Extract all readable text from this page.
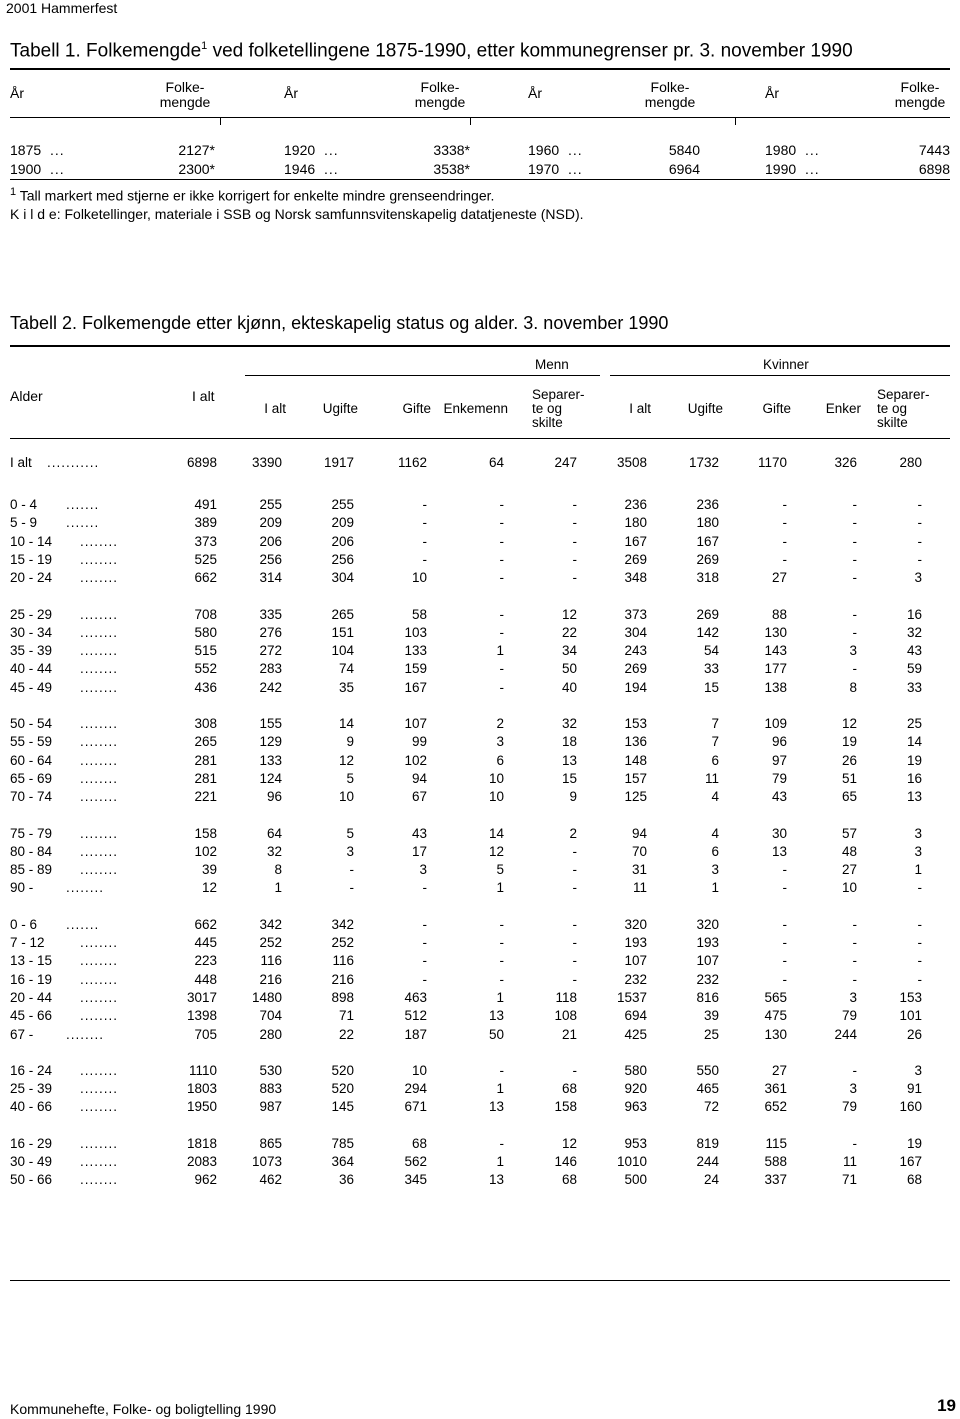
2001 Hammerfest
Tabell 1. Folkemengde$^1$ ved folketellingene 1875-1990, etter kommunegrenser pr. 3. november 1990
År	Folke-
mengde
År	Folke-
mengde
År	Folke-
mengde
År	Folke-
mengde
1875 ...	2127*	1920 ...	3338*	1960 ...	5840	1980 ...	7443
1900 ...	2300*	1946 ...	3538*	1970 ...	6964	1990 ...	6898
$^1$ Tall markert med stjerne er ikke korrigert for enkelte mindre grenseendringer.
K i l d e: Folketellinger, materiale i SSB og Norsk samfunnsvitenskapelig datatjeneste (NSD).
Tabell 2. Folkemengde etter kjønn, ekteskapelig status og alder. 3. november 1990
Menn	Kvinner
Alder	I alt
I alt	Ugifte	Gifte Enkemenn
Separer-
te og
skilte
I alt	Ugifte	Gifte	Enker
Separer-
te og
skilte
I alt ...........	6898	3390	1917	1162	64	247	3508	1732	1170	326	280
0 - 4 .......	491	255	255	-	-	-	236	236	-	-	-
5 - 9 .......	389	209	209	-	-	-	180	180	-	-	-
10 - 14 ........	373	206	206	-	-	-	167	167	-	-	-
15 - 19 ........	525	256	256	-	-	-	269	269	-	-	-
20 - 24 ........	662	314	304	10	-	-	348	318	27	-	3
25 - 29 ........	708	335	265	58	-	12	373	269	88	-	16
30 - 34 ........	580	276	151	103	-	22	304	142	130	-	32
35 - 39 ........	515	272	104	133	1	34	243	54	143	3	43
40 - 44 ........	552	283	74	159	-	50	269	33	177	-	59
45 - 49 ........	436	242	35	167	-	40	194	15	138	8	33
50 - 54 ........	308	155	14	107	2	32	153	7	109	12	25
55 - 59 ........	265	129	9	99	3	18	136	7	96	19	14
60 - 64 ........	281	133	12	102	6	13	148	6	97	26	19
65 - 69 ........	281	124	5	94	10	15	157	11	79	51	16
70 - 74 ........	221	96	10	67	10	9	125	4	43	65	13
75 - 79 ........	158	64	5	43	14	2	94	4	30	57	3
80 - 84 ........	102	32	3	17	12	-	70	6	13	48	3
85 - 89 ........	39	8	-	3	5	-	31	3	-	27	1
90 - ........	12	1	-	-	1	-	11	1	-	10	-
0 - 6 .......	662	342	342	-	-	-	320	320	-	-	-
7 - 12	........	445	252	252	-	-	-	193	193	-	-	-
13 - 15 ........	223	116	116	-	-	-	107	107	-	-	-
16 - 19 ........	448	216	216	-	-	-	232	232	-	-	-
20 - 44 ........	3017	1480	898	463	1	118	1537	816	565	3	153
45 - 66 ........	1398	704	71	512	13	108	694	39	475	79	101
67 - ........	705	280	22	187	50	21	425	25	130	244	26
16 - 24 ........	1110	530	520	10	-	-	580	550	27	-	3
25 - 39 ........	1803	883	520	294	1	68	920	465	361	3	91
40 - 66 ........	1950	987	145	671	13	158	963	72	652	79	160
16 - 29 ........	1818	865	785	68	-	12	953	819	115	-	19
30 - 49 ........	2083	1073	364	562	1	146	1010	244	588	11	167
50 - 66 ........	962	462	36	345	13	68	500	24	337	71	68
Kommunehefte, Folke- og boligtelling 1990	19
